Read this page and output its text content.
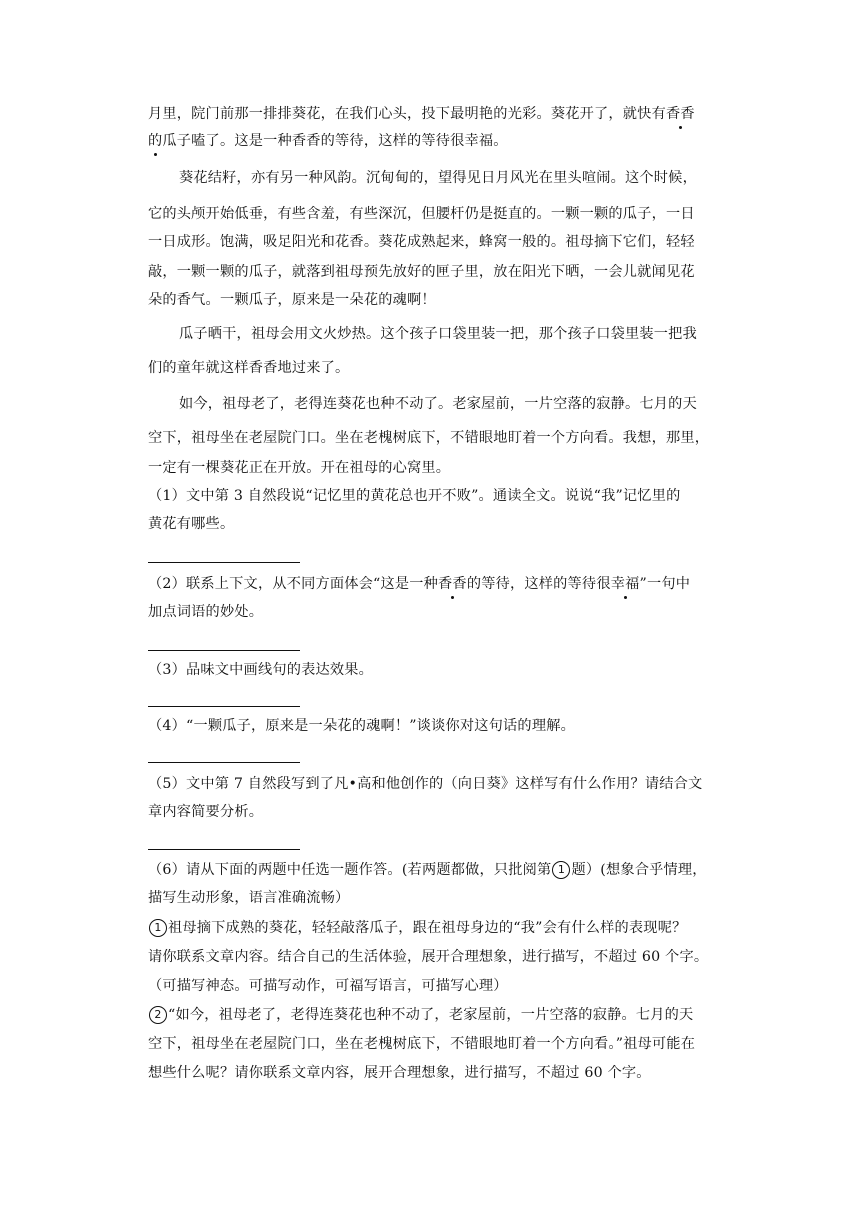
月里，院门前那一排排葵花，在我们心头，投下最明艳的光彩。葵花开了，就快有香香
的瓜子嗑了。这是一种香香的等待，这样的等待很幸福。
葵花结籽，亦有另一种风韵。沉甸甸的，望得见日月风光在里头喧闹。这个时候，
它的头颅开始低垂，有些含羞，有些深沉，但腰杆仍是挺直的。一颗一颗的瓜子，一日
一日成形。饱满，吸足阳光和花香。葵花成熟起来，蜂窝一般的。祖母摘下它们，轻轻
敲，一颗一颗的瓜子，就落到祖母预先放好的匣子里，放在阳光下晒，一会儿就闻见花
朵的香气。一颗瓜子，原来是一朵花的魂啊！
瓜子晒干，祖母会用文火炒热。这个孩子口袋里装一把，那个孩子口袋里装一把我
们的童年就这样香香地过来了。
如今，祖母老了，老得连葵花也种不动了。老家屋前，一片空落的寂静。七月的天
空下，祖母坐在老屋院门口。坐在老槐树底下，不错眼地盯着一个方向看。我想，那里，
一定有一棵葵花正在开放。开在祖母的心窝里。
（1）文中第 3 自然段说“记忆里的黄花总也开不败”。通读全文。说说“我”记忆里的
黄花有哪些。
（2）联系上下文，从不同方面体会“这是一种香香的等待，这样的等待很幸福”一句中
加点词语的妙处。
（3）品味文中画线句的表达效果。
（4）“一颗瓜子，原来是一朵花的魂啊！”谈谈你对这句话的理解。
（5）文中第 7 自然段写到了凡•高和他创作的（向日葵》这样写有什么作用？请结合文
章内容简要分析。
（6）请从下面的两题中任选一题作答。(若两题都做，只批阅第 1 题）(想象合乎情理，
描写生动形象，语言准确流畅）
1 祖母摘下成熟的葵花，轻轻敲落瓜子，跟在祖母身边的“我”会有什么样的表现呢？
请你联系文章内容。结合自己的生活体验，展开合理想象，进行描写，不超过 60 个字。
（可描写神态。可描写动作，可福写语言，可描写心理）
2 “如今，祖母老了，老得连葵花也种不动了，老家屋前，一片空落的寂静。七月的天
空下，祖母坐在老屋院门口，坐在老槐树底下，不错眼地盯着一个方向看。”祖母可能在
想些什么呢？请你联系文章内容，展开合理想象，进行描写，不超过 60 个字。
